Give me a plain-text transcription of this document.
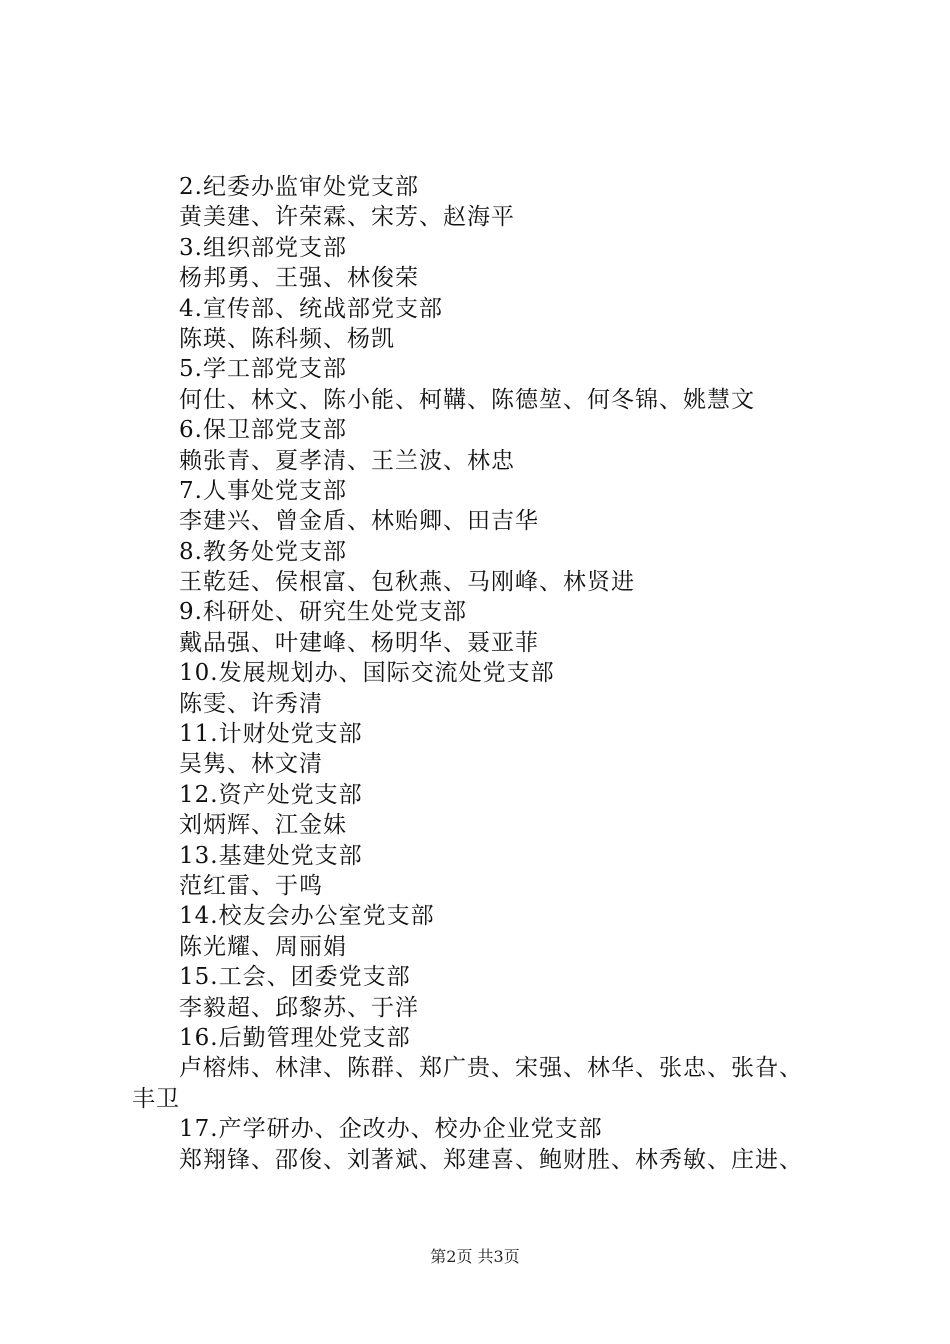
2.纪委办监审处党支部
黄美建、许荣霖、宋芳、赵海平
3.组织部党支部
杨邦勇、王强、林俊荣
4.宣传部、统战部党支部
陈瑛、陈科频、杨凯
5.学工部党支部
何仕、林文、陈小能、柯鞲、陈德堃、何冬锦、姚慧文
6.保卫部党支部
赖张青、夏孝清、王兰波、林忠
7.人事处党支部
李建兴、曾金盾、林贻卿、田吉华
8.教务处党支部
王乾廷、侯根富、包秋燕、马刚峰、林贤进
9.科研处、研究生处党支部
戴品强、叶建峰、杨明华、聂亚菲
10.发展规划办、国际交流处党支部
陈雯、许秀清
11.计财处党支部
吴隽、林文清
12.资产处党支部
刘炳辉、江金妹
13.基建处党支部
范红雷、于鸣
14.校友会办公室党支部
陈光耀、周丽娟
15.工会、团委党支部
李毅超、邱黎苏、于洋
16.后勤管理处党支部
卢榕炜、林津、陈群、郑广贵、宋强、林华、张忠、张旮、
丰卫
17.产学研办、企改办、校办企业党支部
郑翔锋、邵俊、刘著斌、郑建喜、鲍财胜、林秀敏、庄进、
第2页 共3页
